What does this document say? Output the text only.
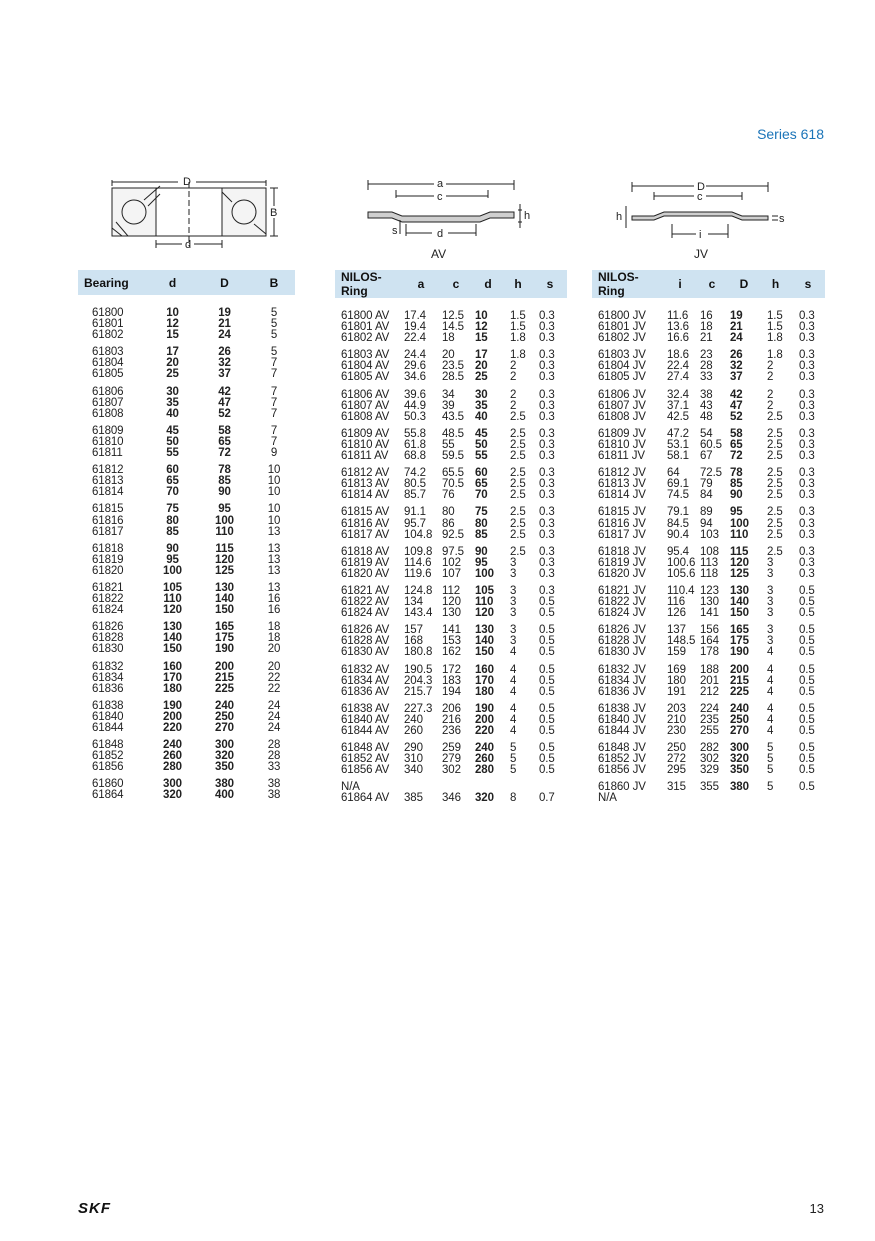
Series 618
D
d
B
a
c
d
h
s
AV
D
c
i
h	s
JV
Bearing	d	D	B
61800	10	19	5
61801	12	21	5
61802	15	24	5
61803	17	26	5
61804	20	32	7
61805	25	37	7
61806	30	42	7
61807	35	47	7
61808	40	52	7
61809	45	58	7
61810	50	65	7
61811	55	72	9
61812	60	78	10
61813	65	85	10
61814	70	90	10
61815	75	95	10
61816	80	100	10
61817	85	110	13
61818	90	115	13
61819	95	120	13
61820	100	125	13
61821	105	130	13
61822	110	140	16
61824	120	150	16
61826	130	165	18
61828	140	175	18
61830	150	190	20
61832	160	200	20
61834	170	215	22
61836	180	225	22
61838	190	240	24
61840	200	250	24
61844	220	270	24
61848	240	300	28
61852	260	320	28
61856	280	350	33
61860	300	380	38
61864	320	400	38
NILOS-Ring	a	c	d	h	s
61800 AV	17.4	12.5	10	1.5	0.3
61801 AV	19.4	14.5	12	1.5	0.3
61802 AV	22.4	18	15	1.8	0.3
61803 AV	24.4	20	17	1.8	0.3
61804 AV	29.6	23.5	20	2	0.3
61805 AV	34.6	28.5	25	2	0.3
61806 AV	39.6	34	30	2	0.3
61807 AV	44.9	39	35	2	0.3
61808 AV	50.3	43.5	40	2.5	0.3
61809 AV	55.8	48.5	45	2.5	0.3
61810 AV	61.8	55	50	2.5	0.3
61811 AV	68.8	59.5	55	2.5	0.3
61812 AV	74.2	65.5	60	2.5	0.3
61813 AV	80.5	70.5	65	2.5	0.3
61814 AV	85.7	76	70	2.5	0.3
61815 AV	91.1	80	75	2.5	0.3
61816 AV	95.7	86	80	2.5	0.3
61817 AV	104.8	92.5	85	2.5	0.3
61818 AV	109.8	97.5	90	2.5	0.3
61819 AV	114.6	102	95	3	0.3
61820 AV	119.6	107	100	3	0.3
61821 AV	124.8	112	105	3	0.3
61822 AV	134	120	110	3	0.5
61824 AV	143.4	130	120	3	0.5
61826 AV	157	141	130	3	0.5
61828 AV	168	153	140	3	0.5
61830 AV	180.8	162	150	4	0.5
61832 AV	190.5	172	160	4	0.5
61834 AV	204.3	183	170	4	0.5
61836 AV	215.7	194	180	4	0.5
61838 AV	227.3	206	190	4	0.5
61840 AV	240	216	200	4	0.5
61844 AV	260	236	220	4	0.5
61848 AV	290	259	240	5	0.5
61852 AV	310	279	260	5	0.5
61856 AV	340	302	280	5	0.5
N/A					
61864 AV	385	346	320	8	0.7
NILOS-Ring	i	c	D	h	s
61800 JV	11.6	16	19	1.5	0.3
61801 JV	13.6	18	21	1.5	0.3
61802 JV	16.6	21	24	1.8	0.3
61803 JV	18.6	23	26	1.8	0.3
61804 JV	22.4	28	32	2	0.3
61805 JV	27.4	33	37	2	0.3
61806 JV	32.4	38	42	2	0.3
61807 JV	37.1	43	47	2	0.3
61808 JV	42.5	48	52	2.5	0.3
61809 JV	47.2	54	58	2.5	0.3
61810 JV	53.1	60.5	65	2.5	0.3
61811 JV	58.1	67	72	2.5	0.3
61812 JV	64	72.5	78	2.5	0.3
61813 JV	69.1	79	85	2.5	0.3
61814 JV	74.5	84	90	2.5	0.3
61815 JV	79.1	89	95	2.5	0.3
61816 JV	84.5	94	100	2.5	0.3
61817 JV	90.4	103	110	2.5	0.3
61818 JV	95.4	108	115	2.5	0.3
61819 JV	100.6	113	120	3	0.3
61820 JV	105.6	118	125	3	0.3
61821 JV	110.4	123	130	3	0.5
61822 JV	116	130	140	3	0.5
61824 JV	126	141	150	3	0.5
61826 JV	137	156	165	3	0.5
61828 JV	148.5	164	175	3	0.5
61830 JV	159	178	190	4	0.5
61832 JV	169	188	200	4	0.5
61834 JV	180	201	215	4	0.5
61836 JV	191	212	225	4	0.5
61838 JV	203	224	240	4	0.5
61840 JV	210	235	250	4	0.5
61844 JV	230	255	270	4	0.5
61848 JV	250	282	300	5	0.5
61852 JV	272	302	320	5	0.5
61856 JV	295	329	350	5	0.5
61860 JV	315	355	380	5	0.5
N/A					
SKF	13
